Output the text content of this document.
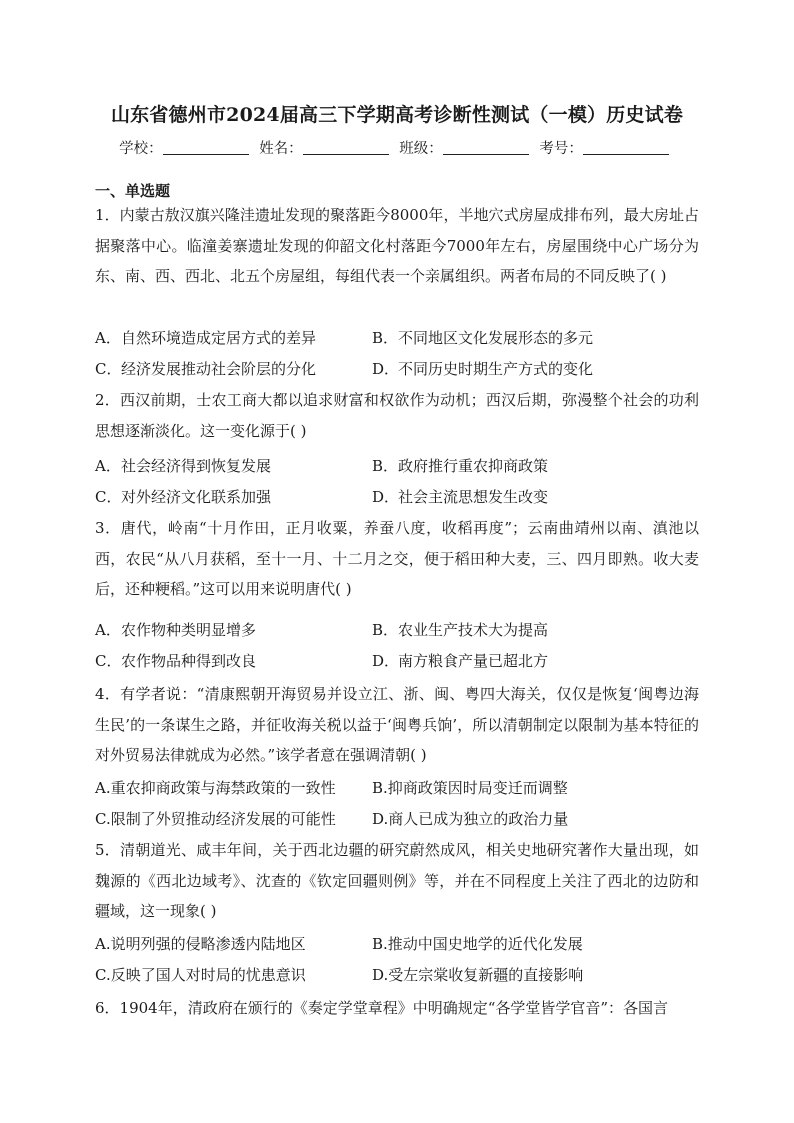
山东省德州市2024届高三下学期高考诊断性测试（一模）历史试卷
学校：	姓名：	班级：	考号：
一、单选题
1．内蒙古敖汉旗兴隆洼遗址发现的聚落距今8000年，半地穴式房屋成排布列，最大房址占据聚落中心。临潼姜寨遗址发现的仰韶文化村落距今7000年左右，房屋围绕中心广场分为东、南、西、西北、北五个房屋组，每组代表一个亲属组织。两者布局的不同反映了( )
A．自然环境造成定居方式的差异	B．不同地区文化发展形态的多元
C．经济发展推动社会阶层的分化	D．不同历史时期生产方式的变化
2．西汉前期，士农工商大都以追求财富和权欲作为动机；西汉后期，弥漫整个社会的功利思想逐渐淡化。这一变化源于( )
A．社会经济得到恢复发展	B．政府推行重农抑商政策
C．对外经济文化联系加强	D．社会主流思想发生改变
3．唐代，岭南“十月作田，正月收粟，养蚕八度，收稻再度”；云南曲靖州以南、滇池以西，农民“从八月获稻，至十一月、十二月之交，便于稻田种大麦，三、四月即熟。收大麦后，还种粳稻。”这可以用来说明唐代( )
A．农作物种类明显增多	B．农业生产技术大为提高
C．农作物品种得到改良	D．南方粮食产量已超北方
4．有学者说：“清康熙朝开海贸易并设立江、浙、闽、粤四大海关，仅仅是恢复‘闽粤边海生民’的一条谋生之路，并征收海关税以益于‘闽粤兵饷’，所以清朝制定以限制为基本特征的对外贸易法律就成为必然。”该学者意在强调清朝( )
A.重农抑商政策与海禁政策的一致性 B.抑商政策因时局变迁而调整
C.限制了外贸推动经济发展的可能性 D.商人已成为独立的政治力量
5．清朝道光、咸丰年间，关于西北边疆的研究蔚然成风，相关史地研究著作大量出现，如魏源的《西北边域考》、沈查的《钦定回疆则例》等，并在不同程度上关注了西北的边防和疆域，这一现象( )
A.说明列强的侵略渗透内陆地区	B.推动中国史地学的近代化发展
C.反映了国人对时局的忧患意识	D.受左宗棠收复新疆的直接影响
6．1904年，清政府在颁行的《奏定学堂章程》中明确规定“各学堂皆学官音”：各国言
